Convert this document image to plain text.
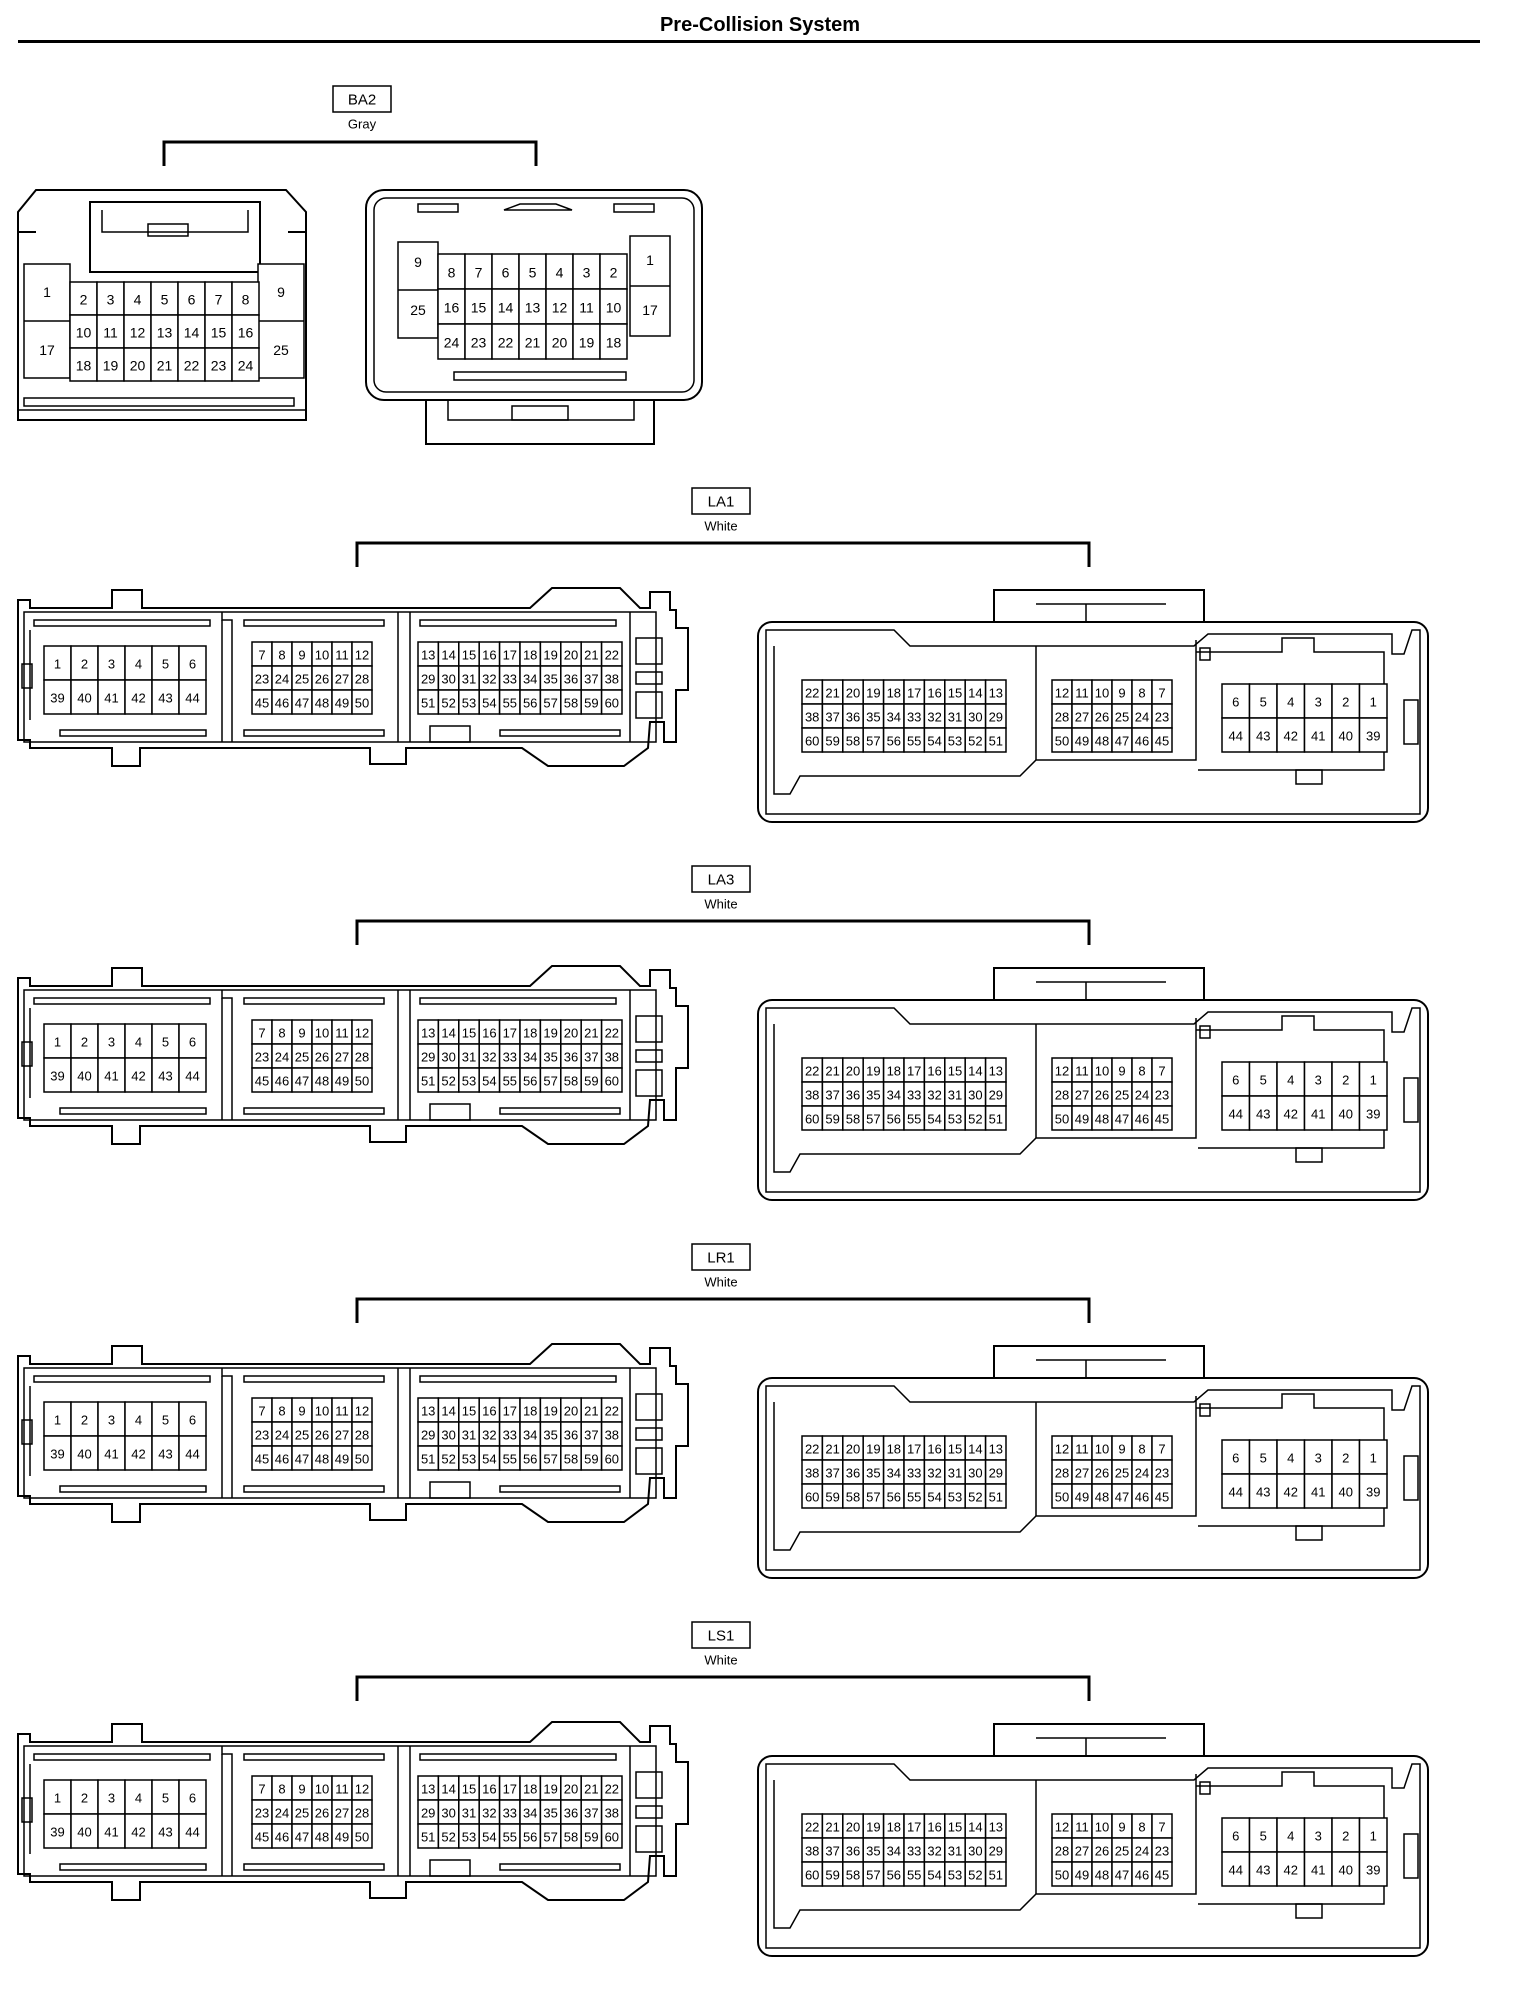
Pre-Collision System
BA2
Gray
1
17
9
25
2 3 4 5 6 7 8
10 11 12 13 14 15 16
18 19 20 21 22 23 24
9
25
1
17
8 7 6 5 4 3 2
16 15 14 13 12 11 10
24 23 22 21 20 19 18
LA1
White
1 2 3 4 5 6
39 40 41 42 43 44
7 8 9 10 11 12
23 24 25 26 27 28
45 46 47 48 49 50
13 14 15 16 17 18 19 20 21 22
29 30 31 32 33 34 35 36 37 38
51 52 53 54 55 56 57 58 59 60
22 21 20 19 18 17 16 15 14 13
38 37 36 35 34 33 32 31 30 29
60 59 58 57 56 55 54 53 52 51
12 11 10 9 8 7
28 27 26 25 24 23
50 49 48 47 46 45
6 5 4 3 2 1
44 43 42 41 40 39
LA3
White
1 2 3 4 5 6
39 40 41 42 43 44
7 8 9 10 11 12
23 24 25 26 27 28
45 46 47 48 49 50
13 14 15 16 17 18 19 20 21 22
29 30 31 32 33 34 35 36 37 38
51 52 53 54 55 56 57 58 59 60
22 21 20 19 18 17 16 15 14 13
38 37 36 35 34 33 32 31 30 29
60 59 58 57 56 55 54 53 52 51
12 11 10 9 8 7
28 27 26 25 24 23
50 49 48 47 46 45
6 5 4 3 2 1
44 43 42 41 40 39
LR1
White
1 2 3 4 5 6
39 40 41 42 43 44
7 8 9 10 11 12
23 24 25 26 27 28
45 46 47 48 49 50
13 14 15 16 17 18 19 20 21 22
29 30 31 32 33 34 35 36 37 38
51 52 53 54 55 56 57 58 59 60
22 21 20 19 18 17 16 15 14 13
38 37 36 35 34 33 32 31 30 29
60 59 58 57 56 55 54 53 52 51
12 11 10 9 8 7
28 27 26 25 24 23
50 49 48 47 46 45
6 5 4 3 2 1
44 43 42 41 40 39
LS1
White
1 2 3 4 5 6
39 40 41 42 43 44
7 8 9 10 11 12
23 24 25 26 27 28
45 46 47 48 49 50
13 14 15 16 17 18 19 20 21 22
29 30 31 32 33 34 35 36 37 38
51 52 53 54 55 56 57 58 59 60
22 21 20 19 18 17 16 15 14 13
38 37 36 35 34 33 32 31 30 29
60 59 58 57 56 55 54 53 52 51
12 11 10 9 8 7
28 27 26 25 24 23
50 49 48 47 46 45
6 5 4 3 2 1
44 43 42 41 40 39
